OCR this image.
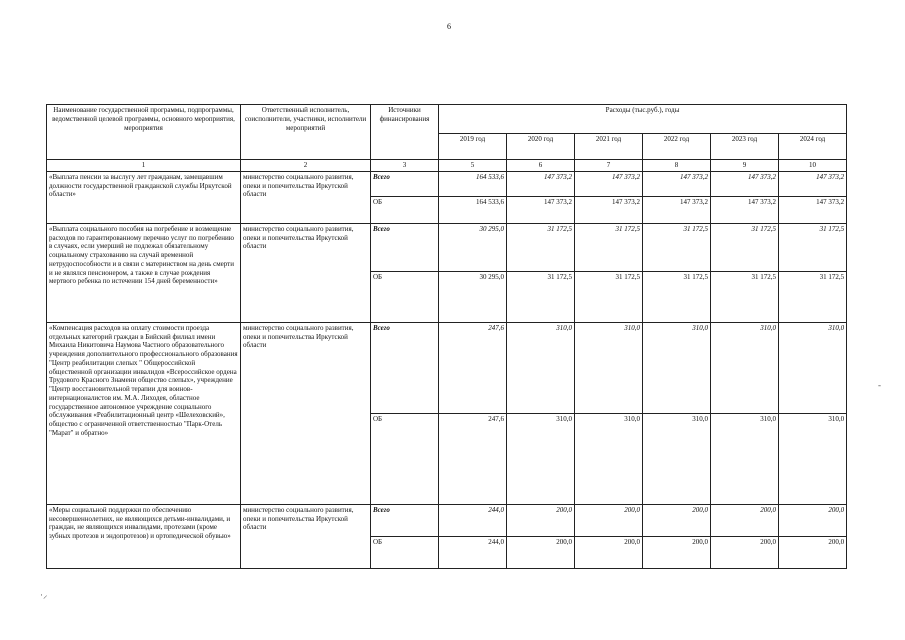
6
Наименование государственной программы, подпрограммы, ведомственной целевой программы, основного мероприятия, мероприятия	Ответственный исполнитель, соисполнители, участники, исполнители мероприятий	Источники финансирования	Расходы (тыс.руб.), годы					
			2019 год	2020 год	2021 год	2022 год	2023 год	2024 год
1	2	3	5	6	7	8	9	10
«Выплата пенсии за выслугу лет гражданам, замещавшим должности государственной гражданской службы Иркутской области»	министерство социального развития, опеки и попечительства Иркутской области	Всего	164 533,6	147 373,2	147 373,2	147 373,2	147 373,2	147 373,2
		ОБ	164 533,6	147 373,2	147 373,2	147 373,2	147 373,2	147 373,2
«Выплата социального пособия на погребение и возмещение расходов по гарантированному перечню услуг по погребению в случаях, если умерший не подлежал обязательному социальному страхованию на случай временной нетрудоспособности и в связи с материнством на день смерти и не являлся пенсионером, а также в случае рождения мертвого ребенка по истечении 154 дней беременности»	министерство социального развития, опеки и попечительства Иркутской области	Всего	30 295,0	31 172,5	31 172,5	31 172,5	31 172,5	31 172,5
		ОБ	30 295,0	31 172,5	31 172,5	31 172,5	31 172,5	31 172,5
«Компенсация расходов на оплату стоимости проезда отдельных категорий граждан в Бийский филиал имени Михаила Никитовича Наумова Частного образовательного учреждения дополнительного профессионального образования "Центр реабилитации слепых " Общероссийской общественной организации инвалидов «Всероссийское ордена Трудового Красного Знамени общество слепых», учреждение "Центр восстановительной терапии для воинов-интернационалистов им. М.А. Лиходея, областное государственное автономное учреждение социального обслуживания «Реабилитационный центр «Шелеховский», общество с ограниченной ответственностью "Парк-Отель "Марат" и обратно»	министерство социального развития, опеки и попечительства Иркутской области	Всего	247,6	310,0	310,0	310,0	310,0	310,0
		ОБ	247,6	310,0	310,0	310,0	310,0	310,0
«Меры социальной поддержки по обеспечению несовершеннолетних, не являющихся детьми-инвалидами, и граждан, не являющихся инвалидами, протезами (кроме зубных протезов и эндопротезов) и ортопедической обувью»	министерство социального развития, опеки и попечительства Иркутской области	Всего	244,0	200,0	200,0	200,0	200,0	200,0
		ОБ	244,0	200,0	200,0	200,0	200,0	200,0
·⸝
-
